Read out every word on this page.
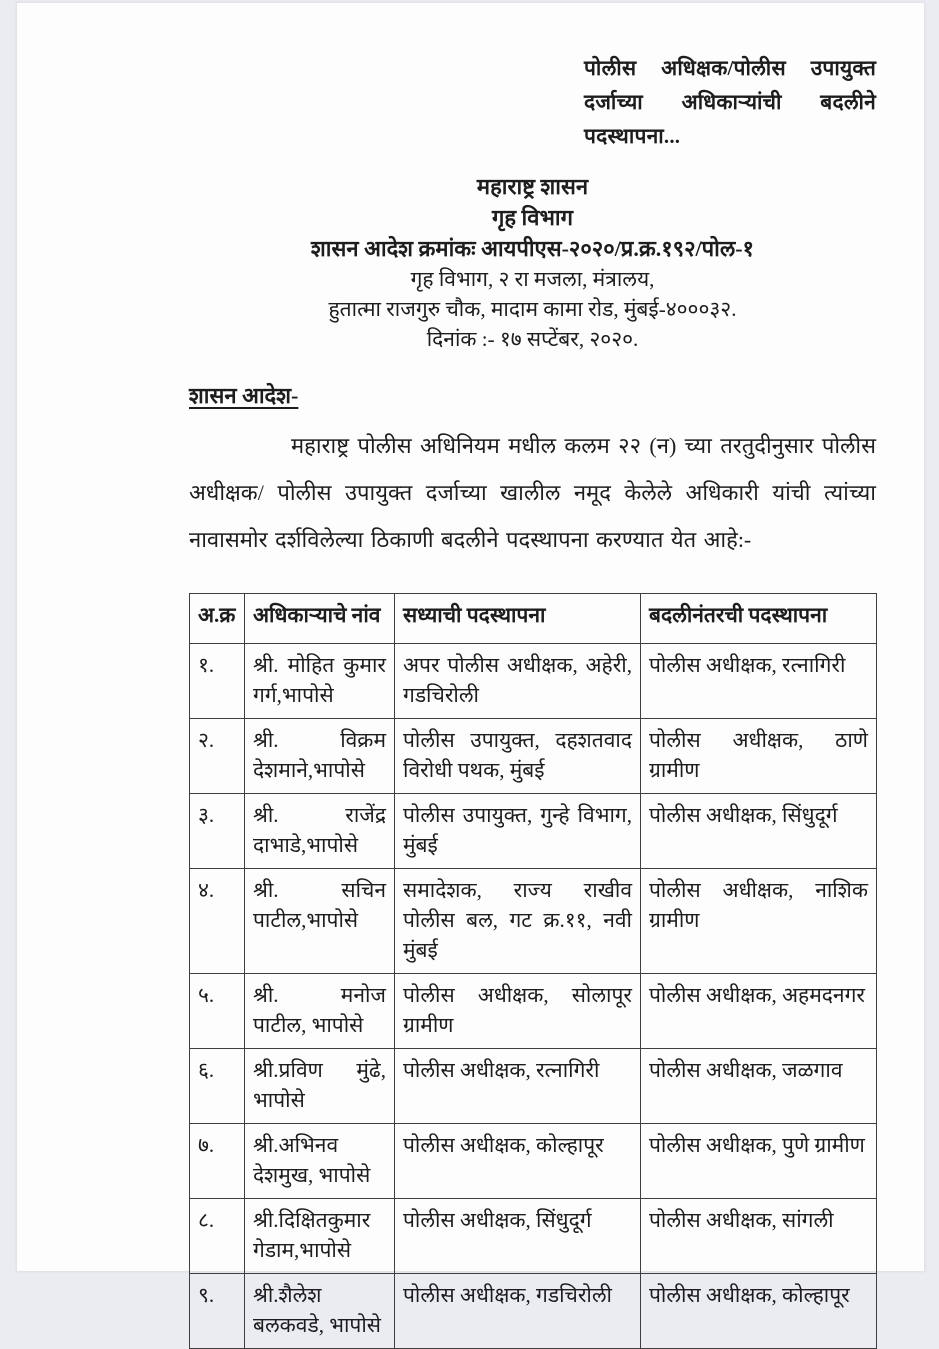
पोलीस अधिक्षक/पोलीस उपायुक्त दर्जाच्या अधिकाऱ्यांची बदलीने पदस्थापना...
महाराष्ट्र शासन
गृह विभाग
शासन आदेश क्रमांकः आयपीएस-२०२०/प्र.क्र.१९२/पोल-१
गृह विभाग, २ रा मजला, मंत्रालय,
हुतात्मा राजगुरु चौक, मादाम कामा रोड, मुंबई-४०००३२.
दिनांक :- १७ सप्टेंबर, २०२०.
शासन आदेश-

महाराष्ट्र पोलीस अधिनियम मधील कलम २२ (न) च्या तरतुदीनुसार पोलीस अधीक्षक/ पोलीस उपायुक्त दर्जाच्या खालील नमूद केलेले अधिकारी यांची त्यांच्या नावासमोर दर्शविलेल्या ठिकाणी बदलीने पदस्थापना करण्यात येत आहे:-

अ.क्र	अधिकाऱ्याचे नांव	सध्याची पदस्थापना	बदलीनंतरची पदस्थापना
१.	श्री. मोहित कुमार गर्ग,भापोसे	अपर पोलीस अधीक्षक, अहेरी, गडचिरोली	पोलीस अधीक्षक, रत्नागिरी
२.	श्री. विक्रम देशमाने,भापोसे	पोलीस उपायुक्त, दहशतवाद विरोधी पथक, मुंबई	पोलीस अधीक्षक, ठाणे ग्रामीण
३.	श्री. राजेंद्र दाभाडे,भापोसे	पोलीस उपायुक्त, गुन्हे विभाग, मुंबई	पोलीस अधीक्षक, सिंधुदूर्ग
४.	श्री. सचिन पाटील,भापोसे	समादेशक, राज्य राखीव पोलीस बल, गट क्र.११, नवी मुंबई	पोलीस अधीक्षक, नाशिक ग्रामीण
५.	श्री. मनोज पाटील, भापोसे	पोलीस अधीक्षक, सोलापूर ग्रामीण	पोलीस अधीक्षक, अहमदनगर
६.	श्री.प्रविण मुंढे, भापोसे	पोलीस अधीक्षक, रत्नागिरी	पोलीस अधीक्षक, जळगाव
७.	श्री.अभिनव देशमुख, भापोसे	पोलीस अधीक्षक, कोल्हापूर	पोलीस अधीक्षक, पुणे ग्रामीण
८.	श्री.दिक्षितकुमार गेडाम,भापोसे	पोलीस अधीक्षक, सिंधुदूर्ग	पोलीस अधीक्षक, सांगली
९.	श्री.शैलेश बलकवडे, भापोसे	पोलीस अधीक्षक, गडचिरोली	पोलीस अधीक्षक, कोल्हापूर
